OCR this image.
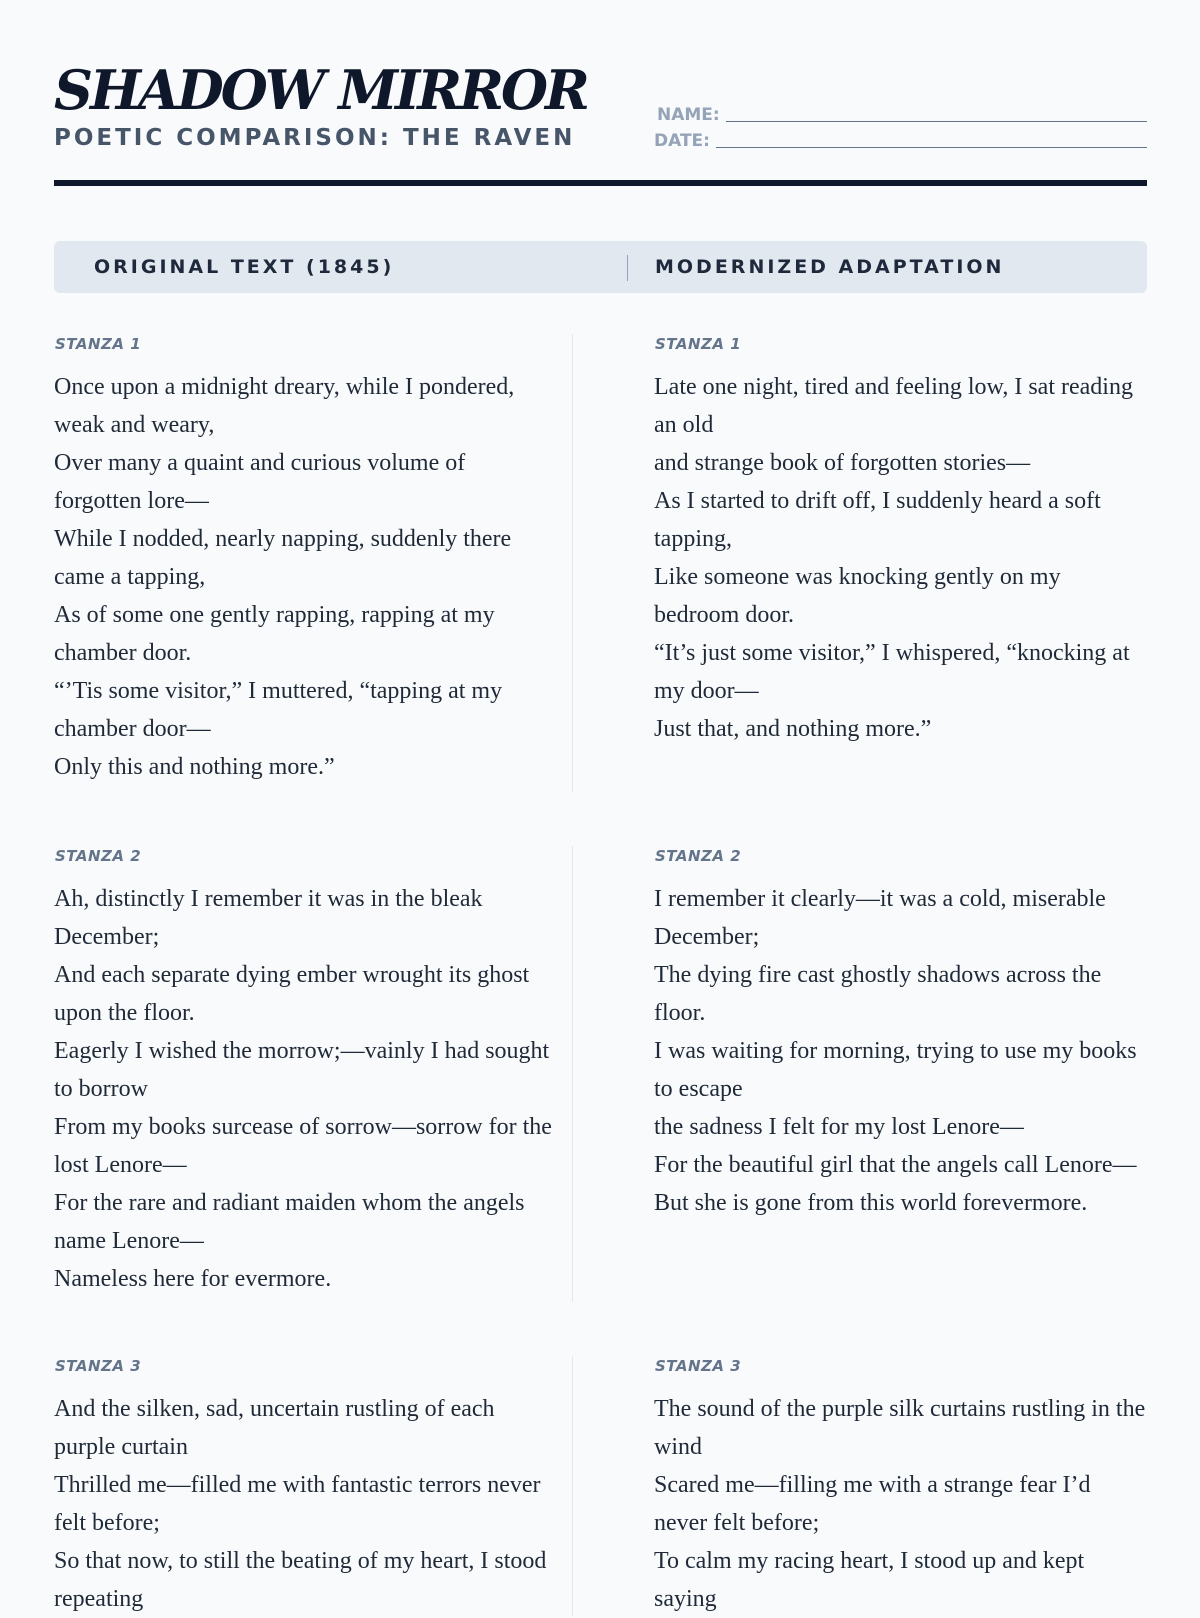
SHADOW MIRROR
POETIC COMPARISON: THE RAVEN
NAME:
DATE:
ORIGINAL TEXT (1845)	MODERNIZED ADAPTATION
STANZA 1

Once upon a midnight dreary, while I pondered, weak and weary,

Over many a quaint and curious volume of forgotten lore—

While I nodded, nearly napping, suddenly there came a tapping,

As of some one gently rapping, rapping at my chamber door.

“’Tis some visitor,” I muttered, “tapping at my chamber door—

Only this and nothing more.”

STANZA 1

Late one night, tired and feeling low, I sat reading an old

and strange book of forgotten stories—

As I started to drift off, I suddenly heard a soft tapping,

Like someone was knocking gently on my bedroom door.

“It’s just some visitor,” I whispered, “knocking at my door—

Just that, and nothing more.”

STANZA 2

Ah, distinctly I remember it was in the bleak December;

And each separate dying ember wrought its ghost upon the floor.

Eagerly I wished the morrow;—vainly I had sought to borrow

From my books surcease of sorrow—sorrow for the lost Lenore—

For the rare and radiant maiden whom the angels name Lenore—

Nameless here for evermore.

STANZA 2

I remember it clearly—it was a cold, miserable December;

The dying fire cast ghostly shadows across the floor.

I was waiting for morning, trying to use my books to escape

the sadness I felt for my lost Lenore—

For the beautiful girl that the angels call Lenore—

But she is gone from this world forevermore.

STANZA 3

And the silken, sad, uncertain rustling of each purple curtain

Thrilled me—filled me with fantastic terrors never felt before;

So that now, to still the beating of my heart, I stood repeating

STANZA 3

The sound of the purple silk curtains rustling in the wind

Scared me—filling me with a strange fear I’d never felt before;

To calm my racing heart, I stood up and kept saying
